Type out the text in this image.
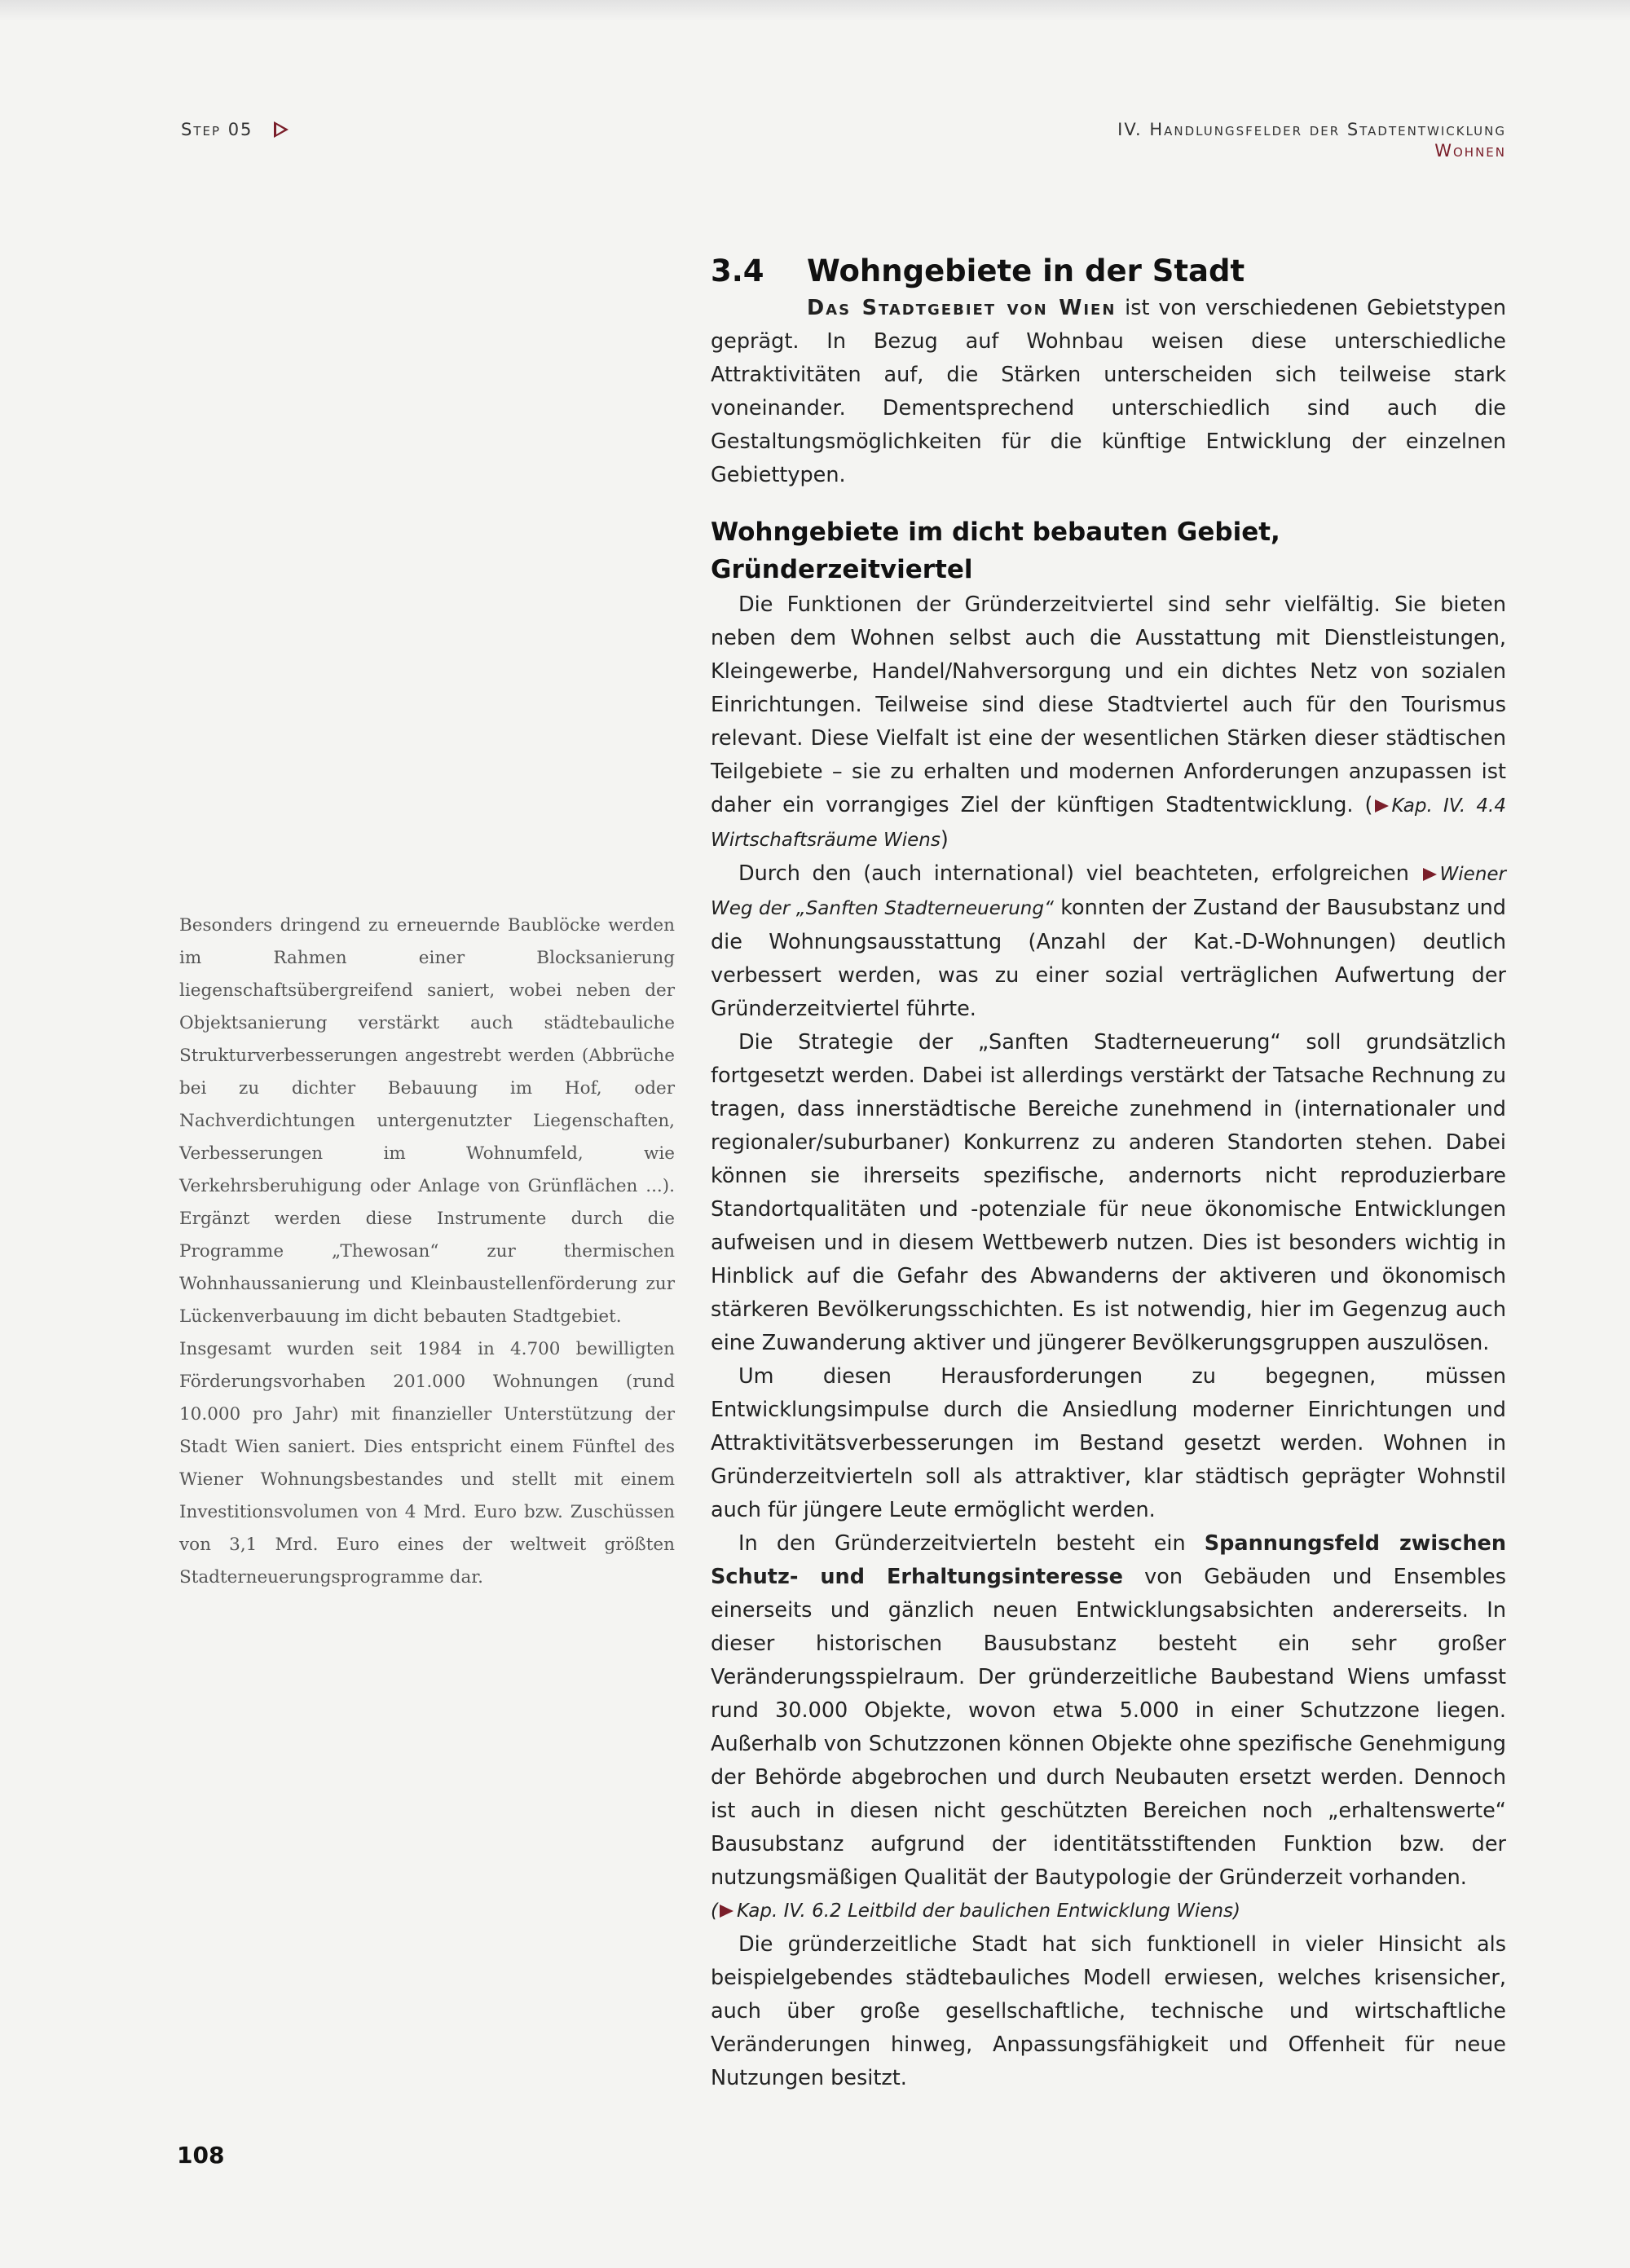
Step 05	IV. Handlungsfelder der Stadtentwicklung
Wohnen
3.4 Wohngebiete in der Stadt

Das Stadtgebiet von Wien ist von verschiedenen Gebietstypen geprägt. In Bezug auf Wohnbau weisen diese unterschiedliche Attraktivitäten auf, die Stärken unterscheiden sich teilweise stark voneinander. Dementsprechend unterschiedlich sind auch die Gestaltungsmöglichkeiten für die künftige Entwicklung der einzelnen Gebiettypen.

Wohngebiete im dicht bebauten Gebiet, Gründerzeitviertel

Die Funktionen der Gründerzeitviertel sind sehr vielfältig. Sie bieten neben dem Wohnen selbst auch die Ausstattung mit Dienstleistungen, Kleingewerbe, Handel/Nahversorgung und ein dichtes Netz von sozialen Einrichtungen. Teilweise sind diese Stadtviertel auch für den Tourismus relevant. Diese Vielfalt ist eine der wesentlichen Stärken dieser städtischen Teilgebiete – sie zu erhalten und modernen Anforderungen anzupassen ist daher ein vorrangiges Ziel der künftigen Stadtentwicklung. ( Kap. IV. 4.4 Wirtschaftsräume Wiens)

Durch den (auch international) viel beachteten, erfolgreichen Wiener Weg der „Sanften Stadterneuerung“ konnten der Zustand der Bausubstanz und die Wohnungsausstattung (Anzahl der Kat.-D-Wohnungen) deutlich verbessert werden, was zu einer sozial verträglichen Aufwertung der Gründerzeitviertel führte.

Die Strategie der „Sanften Stadterneuerung“ soll grundsätzlich fortgesetzt werden. Dabei ist allerdings verstärkt der Tatsache Rechnung zu tragen, dass innerstädtische Bereiche zunehmend in (internationaler und regionaler/suburbaner) Konkurrenz zu anderen Standorten stehen. Dabei können sie ihrerseits spezifische, andernorts nicht reproduzierbare Standortqualitäten und -potenziale für neue ökonomische Entwicklungen aufweisen und in diesem Wettbewerb nutzen. Dies ist besonders wichtig in Hinblick auf die Gefahr des Abwanderns der aktiveren und ökonomisch stärkeren Bevölkerungsschichten. Es ist notwendig, hier im Gegenzug auch eine Zuwanderung aktiver und jüngerer Bevölkerungsgruppen auszulösen.

Um diesen Herausforderungen zu begegnen, müssen Entwicklungsimpulse durch die Ansiedlung moderner Einrichtungen und Attraktivitätsverbesserungen im Bestand gesetzt werden. Wohnen in Gründerzeitvierteln soll als attraktiver, klar städtisch geprägter Wohnstil auch für jüngere Leute ermöglicht werden.

In den Gründerzeitvierteln besteht ein Spannungsfeld zwischen Schutz- und Erhaltungsinteresse von Gebäuden und Ensembles einerseits und gänzlich neuen Entwicklungsabsichten andererseits. In dieser historischen Bausubstanz besteht ein sehr großer Veränderungsspielraum. Der gründerzeitliche Baubestand Wiens umfasst rund 30.000 Objekte, wovon etwa 5.000 in einer Schutzzone liegen. Außerhalb von Schutzzonen können Objekte ohne spezifische Genehmigung der Behörde abgebrochen und durch Neubauten ersetzt werden. Dennoch ist auch in diesen nicht geschützten Bereichen noch „erhaltenswerte“ Bausubstanz aufgrund der identitätsstiftenden Funktion bzw. der nutzungsmäßigen Qualität der Bautypologie der Gründerzeit vorhanden.

( Kap. IV. 6.2 Leitbild der baulichen Entwicklung Wiens)

Die gründerzeitliche Stadt hat sich funktionell in vieler Hinsicht als beispielgebendes städtebauliches Modell erwiesen, welches krisensicher, auch über große gesellschaftliche, technische und wirtschaftliche Veränderungen hinweg, Anpassungsfähigkeit und Offenheit für neue Nutzungen besitzt.

Besonders dringend zu erneuernde Baublöcke werden im Rahmen einer Blocksanierung liegenschaftsübergreifend saniert, wobei neben der Objektsanierung verstärkt auch städtebauliche Strukturverbesserungen angestrebt werden (Abbrüche bei zu dichter Bebauung im Hof, oder Nachverdichtungen untergenutzter Liegenschaften, Verbesserungen im Wohnumfeld, wie Verkehrsberuhigung oder Anlage von Grünflächen ...). Ergänzt werden diese Instrumente durch die Programme „Thewosan“ zur thermischen Wohnhaussanierung und Kleinbaustellenförderung zur Lückenverbauung im dicht bebauten Stadtgebiet.

Insgesamt wurden seit 1984 in 4.700 bewilligten Förderungsvorhaben 201.000 Wohnungen (rund 10.000 pro Jahr) mit finanzieller Unterstützung der Stadt Wien saniert. Dies entspricht einem Fünftel des Wiener Wohnungsbestandes und stellt mit einem Investitionsvolumen von 4 Mrd. Euro bzw. Zuschüssen von 3,1 Mrd. Euro eines der weltweit größten Stadterneuerungsprogramme dar.

108
